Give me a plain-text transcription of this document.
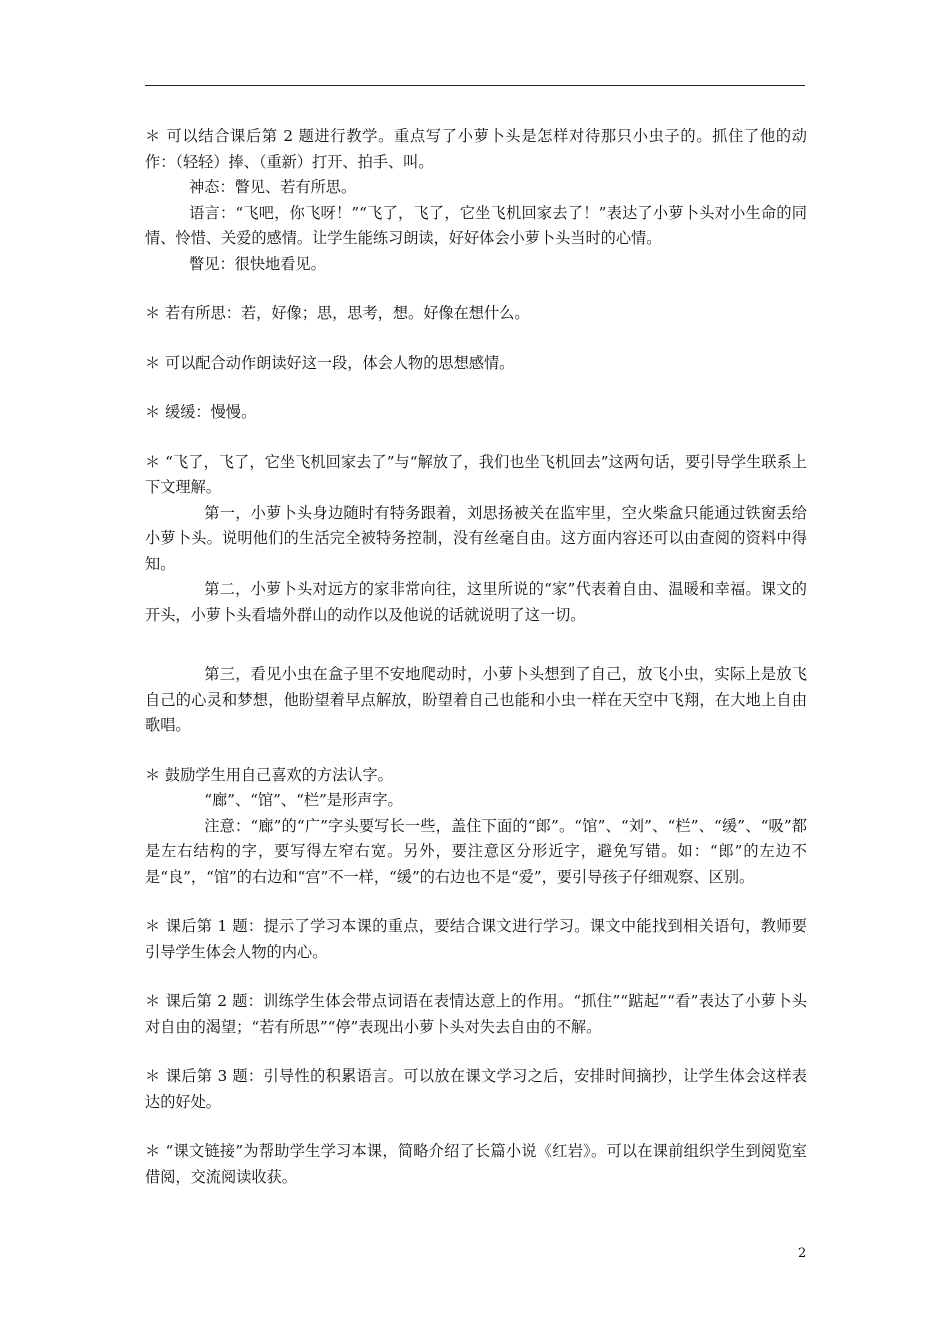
＊ 可以结合课后第 2 题进行教学。重点写了小萝卜头是怎样对待那只小虫子的。抓住了他的动作：（轻轻）捧、（重新）打开、拍手、叫。

神态：瞥见、若有所思。

语言：“飞吧，你飞呀！”“飞了，飞了，它坐飞机回家去了！”表达了小萝卜头对小生命的同情、怜惜、关爱的感情。让学生能练习朗读，好好体会小萝卜头当时的心情。

瞥见：很快地看见。

＊ 若有所思：若，好像；思，思考，想。好像在想什么。

＊ 可以配合动作朗读好这一段，体会人物的思想感情。

＊ 缓缓：慢慢。

＊ “飞了，飞了，它坐飞机回家去了”与“解放了，我们也坐飞机回去”这两句话，要引导学生联系上下文理解。

第一，小萝卜头身边随时有特务跟着，刘思扬被关在监牢里，空火柴盒只能通过铁窗丢给小萝卜头。说明他们的生活完全被特务控制，没有丝毫自由。这方面内容还可以由查阅的资料中得知。

第二，小萝卜头对远方的家非常向往，这里所说的“家”代表着自由、温暖和幸福。课文的开头，小萝卜头看墙外群山的动作以及他说的话就说明了这一切。

第三，看见小虫在盒子里不安地爬动时，小萝卜头想到了自己，放飞小虫，实际上是放飞自己的心灵和梦想，他盼望着早点解放，盼望着自己也能和小虫一样在天空中飞翔，在大地上自由歌唱。

＊ 鼓励学生用自己喜欢的方法认字。

“廊”、“馆”、“栏”是形声字。

注意：“廊”的“广”字头要写长一些，盖住下面的“郎”。“馆”、“刘”、“栏”、“缓”、“吸”都是左右结构的字，要写得左窄右宽。另外，要注意区分形近字，避免写错。如：“郎”的左边不是“良”，“馆”的右边和“宫”不一样，“缓”的右边也不是“爱”，要引导孩子仔细观察、区别。

＊ 课后第 1 题：提示了学习本课的重点，要结合课文进行学习。课文中能找到相关语句，教师要引导学生体会人物的内心。

＊ 课后第 2 题：训练学生体会带点词语在表情达意上的作用。“抓住”“踮起”“看”表达了小萝卜头对自由的渴望；“若有所思”“停”表现出小萝卜头对失去自由的不解。

＊ 课后第 3 题：引导性的积累语言。可以放在课文学习之后，安排时间摘抄，让学生体会这样表达的好处。

＊ “课文链接”为帮助学生学习本课，简略介绍了长篇小说《红岩》。可以在课前组织学生到阅览室借阅，交流阅读收获。

2
